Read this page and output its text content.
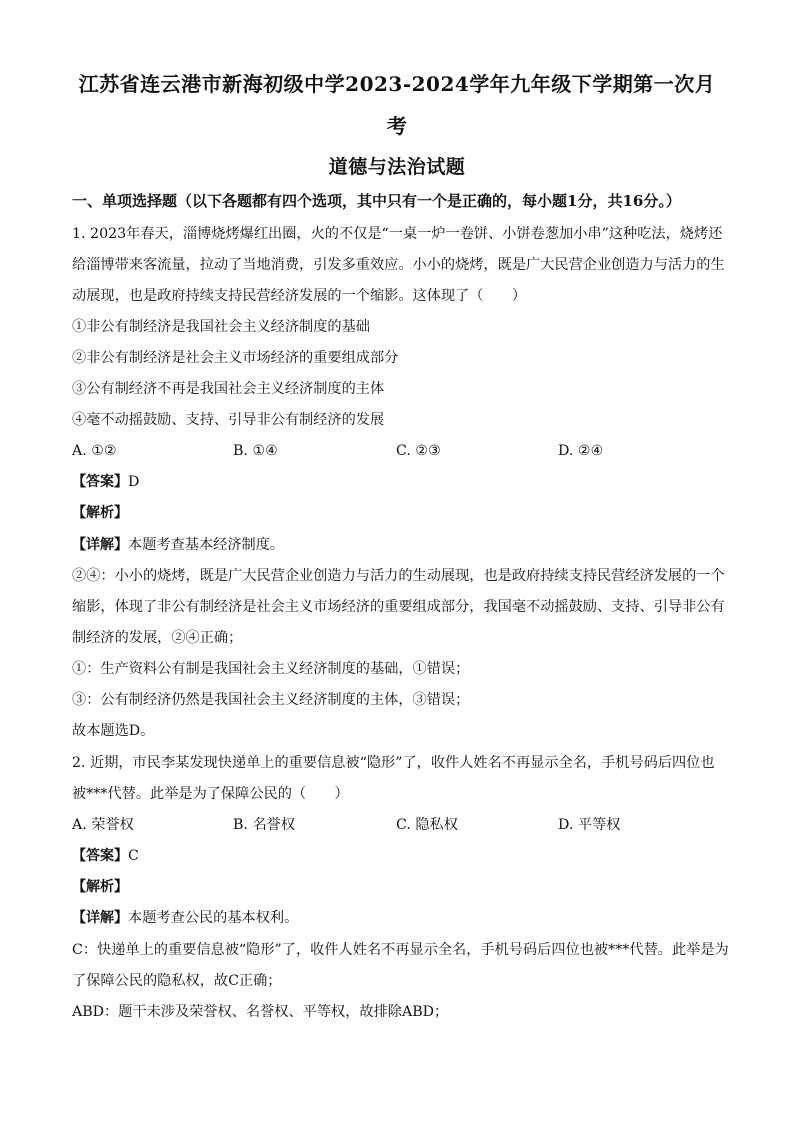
江苏省连云港市新海初级中学2023-2024学年九年级下学期第一次月
考
道德与法治试题
一、单项选择题（以下各题都有四个选项，其中只有一个是正确的，每小题1分，共16分。）
1. 2023年春天，淄博烧烤爆红出圈，火的不仅是“一桌一炉一卷饼、小饼卷葱加小串”这种吃法，烧烤还
给淄博带来客流量，拉动了当地消费，引发多重效应。小小的烧烤，既是广大民营企业创造力与活力的生
动展现，也是政府持续支持民营经济发展的一个缩影。这体现了（　　）
①非公有制经济是我国社会主义经济制度的基础
②非公有制经济是社会主义市场经济的重要组成部分
③公有制经济不再是我国社会主义经济制度的主体
④毫不动摇鼓励、支持、引导非公有制经济的发展
A. ①②	B. ①④	C. ②③	D. ②④
【答案】D
【解析】
【详解】本题考查基本经济制度。
②④：小小的烧烤，既是广大民营企业创造力与活力的生动展现，也是政府持续支持民营经济发展的一个
缩影，体现了非公有制经济是社会主义市场经济的重要组成部分，我国毫不动摇鼓励、支持、引导非公有
制经济的发展，②④正确；
①：生产资料公有制是我国社会主义经济制度的基础，①错误；
③：公有制经济仍然是我国社会主义经济制度的主体，③错误；
故本题选D。
2. 近期，市民李某发现快递单上的重要信息被“隐形”了，收件人姓名不再显示全名，手机号码后四位也
被***代替。此举是为了保障公民的（　　）
A. 荣誉权	B. 名誉权	C. 隐私权	D. 平等权
【答案】C
【解析】
【详解】本题考查公民的基本权利。
C：快递单上的重要信息被“隐形”了，收件人姓名不再显示全名，手机号码后四位也被***代替。此举是为
了保障公民的隐私权，故C正确；
ABD：题干未涉及荣誉权、名誉权、平等权，故排除ABD；
